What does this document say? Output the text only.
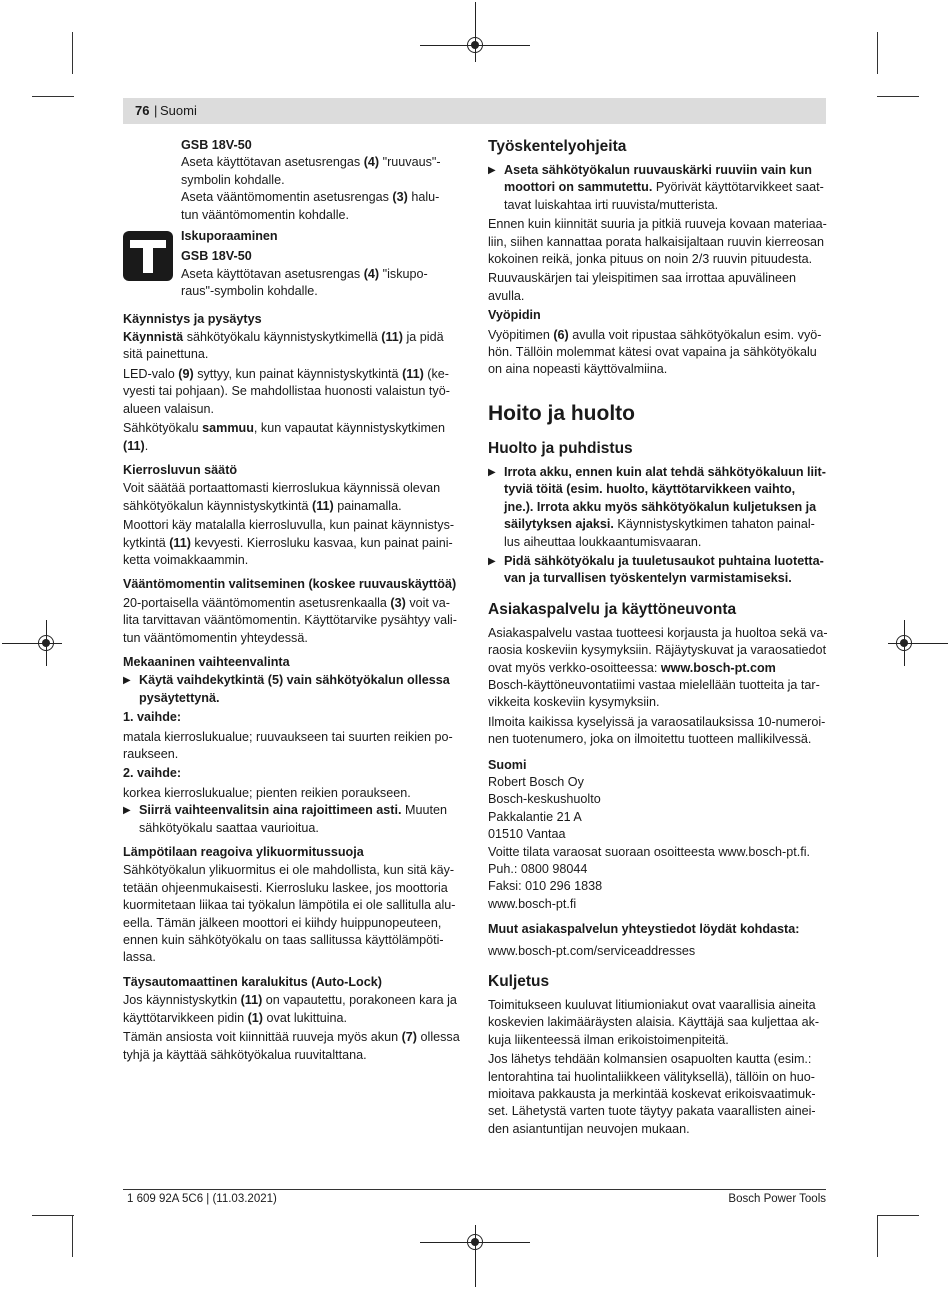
76 | Suomi

GSB 18V-50

Aseta käyttötavan asetusrengas (4) "ruuvaus"-

symbolin kohdalle.

Aseta vääntömomentin asetusrengas (3) halu-

tun vääntömomentin kohdalle.

Iskuporaaminen

GSB 18V-50

Aseta käyttötavan asetusrengas (4) "iskupo-

raus"-symbolin kohdalle.

Käynnistys ja pysäytys

Käynnistä sähkötyökalu käynnistyskytkimellä (11) ja pidä

sitä painettuna.

LED-valo (9) syttyy, kun painat käynnistyskytkintä (11) (ke-

vyesti tai pohjaan). Se mahdollistaa huonosti valaistun työ-

alueen valaisun.

Sähkötyökalu sammuu, kun vapautat käynnistyskytkimen

(11).

Kierrosluvun säätö

Voit säätää portaattomasti kierroslukua käynnissä olevan

sähkötyökalun käynnistyskytkintä (11) painamalla.

Moottori käy matalalla kierrosluvulla, kun painat käynnistys-

kytkintä (11) kevyesti. Kierrosluku kasvaa, kun painat paini-

ketta voimakkaammin.

Vääntömomentin valitseminen (koskee ruuvauskäyttöä)

20-portaisella vääntömomentin asetusrenkaalla (3) voit va-

lita tarvittavan vääntömomentin. Käyttötarvike pysähtyy vali-

tun vääntömomentin yhteydessä.

Mekaaninen vaihteenvalinta

▶ Käytä vaihdekytkintä (5) vain sähkötyökalun ollessa

pysäytettynä.

1. vaihde:

matala kierroslukualue; ruuvaukseen tai suurten reikien po-

raukseen.

2. vaihde:

korkea kierroslukualue; pienten reikien poraukseen.

▶ Siirrä vaihteenvalitsin aina rajoittimeen asti. Muuten

sähkötyökalu saattaa vaurioitua.

Lämpötilaan reagoiva ylikuormitussuoja

Sähkötyökalun ylikuormitus ei ole mahdollista, kun sitä käy-

tetään ohjeenmukaisesti. Kierrosluku laskee, jos moottoria

kuormitetaan liikaa tai työkalun lämpötila ei ole sallitulla alu-

eella. Tämän jälkeen moottori ei kiihdy huippunopeuteen,

ennen kuin sähkötyökalu on taas sallitussa käyttölämpöti-

lassa.

Täysautomaattinen karalukitus (Auto-Lock)

Jos käynnistyskytkin (11) on vapautettu, porakoneen kara ja

käyttötarvikkeen pidin (1) ovat lukittuina.

Tämän ansiosta voit kiinnittää ruuveja myös akun (7) ollessa

tyhjä ja käyttää sähkötyökalua ruuvitalttana.

Työskentelyohjeita

▶ Aseta sähkötyökalun ruuvauskärki ruuviin vain kun

moottori on sammutettu. Pyörivät käyttötarvikkeet saat-

tavat luiskahtaa irti ruuvista/mutterista.

Ennen kuin kiinnität suuria ja pitkiä ruuveja kovaan materiaa-

liin, siihen kannattaa porata halkaisijaltaan ruuvin kierreosan

kokoinen reikä, jonka pituus on noin 2/3 ruuvin pituudesta.

Ruuvauskärjen tai yleispitimen saa irrottaa apuvälineen

avulla.

Vyöpidin

Vyöpitimen (6) avulla voit ripustaa sähkötyökalun esim. vyö-

hön. Tällöin molemmat kätesi ovat vapaina ja sähkötyökalu

on aina nopeasti käyttövalmiina.

Hoito ja huolto

Huolto ja puhdistus

▶ Irrota akku, ennen kuin alat tehdä sähkötyökaluun liit-

tyviä töitä (esim. huolto, käyttötarvikkeen vaihto,

jne.). Irrota akku myös sähkötyökalun kuljetuksen ja

säilytyksen ajaksi. Käynnistyskytkimen tahaton painal-

lus aiheuttaa loukkaantumisvaaran.

▶ Pidä sähkötyökalu ja tuuletusaukot puhtaina luotetta-

van ja turvallisen työskentelyn varmistamiseksi.

Asiakaspalvelu ja käyttöneuvonta

Asiakaspalvelu vastaa tuotteesi korjausta ja huoltoa sekä va-

raosia koskeviin kysymyksiin. Räjäytyskuvat ja varaosatiedot

ovat myös verkko-osoitteessa: www.bosch-pt.com

Bosch-käyttöneuvontatiimi vastaa mielellään tuotteita ja tar-

vikkeita koskeviin kysymyksiin.

Ilmoita kaikissa kyselyissä ja varaosatilauksissa 10-numeroi-

nen tuotenumero, joka on ilmoitettu tuotteen mallikilvessä.

Suomi

Robert Bosch Oy

Bosch-keskushuolto

Pakkalantie 21 A

01510 Vantaa

Voitte tilata varaosat suoraan osoitteesta www.bosch-pt.fi.

Puh.: 0800 98044

Faksi: 010 296 1838

www.bosch-pt.fi

Muut asiakaspalvelun yhteystiedot löydät kohdasta:

www.bosch-pt.com/serviceaddresses

Kuljetus

Toimitukseen kuuluvat litiumioniakut ovat vaarallisia aineita

koskevien lakimääräysten alaisia. Käyttäjä saa kuljettaa ak-

kuja liikenteessä ilman erikoistoimenpiteitä.

Jos lähetys tehdään kolmansien osapuolten kautta (esim.:

lentorahtina tai huolintaliikkeen välityksellä), tällöin on huo-

mioitava pakkausta ja merkintää koskevat erikoisvaatimuk-

set. Lähetystä varten tuote täytyy pakata vaarallisten ainei-

den asiantuntijan neuvojen mukaan.

1 609 92A 5C6 | (11.03.2021)	Bosch Power Tools
